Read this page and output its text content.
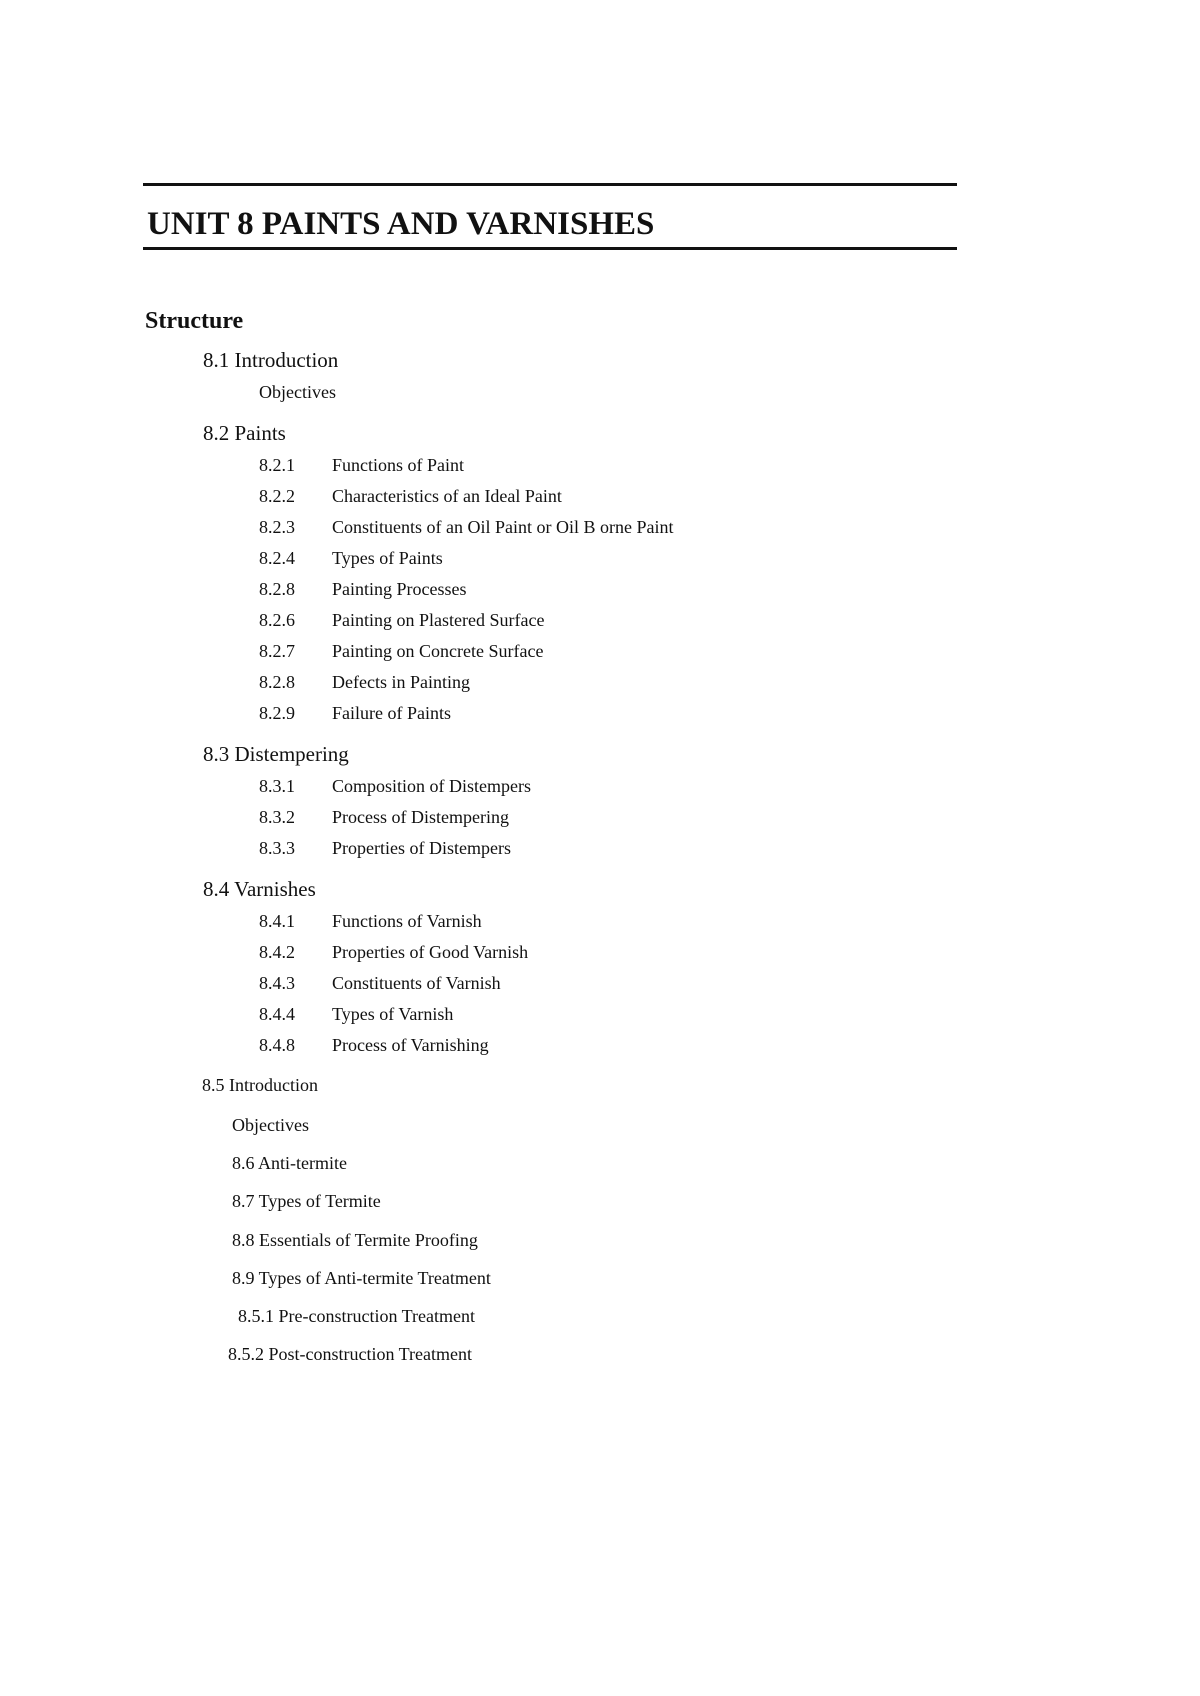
UNIT 8 PAINTS AND VARNISHES
Structure
8.1 Introduction
Objectives
8.2 Paints
8.2.1 Functions of Paint
8.2.2 Characteristics of an Ideal Paint
8.2.3 Constituents of an Oil Paint or Oil B orne Paint
8.2.4 Types of Paints
8.2.8 Painting Processes
8.2.6 Painting on Plastered Surface
8.2.7 Painting on Concrete Surface
8.2.8 Defects in Painting
8.2.9 Failure of Paints
8.3 Distempering
8.3.1 Composition of Distempers
8.3.2 Process of Distempering
8.3.3 Properties of Distempers
8.4 Varnishes
8.4.1 Functions of Varnish
8.4.2 Properties of Good Varnish
8.4.3 Constituents of Varnish
8.4.4 Types of Varnish
8.4.8 Process of Varnishing
8.5 Introduction
Objectives
8.6 Anti-termite
8.7 Types of Termite
8.8 Essentials of Termite Proofing
8.9 Types of Anti-termite Treatment
8.5.1 Pre-construction Treatment
8.5.2 Post-construction Treatment
